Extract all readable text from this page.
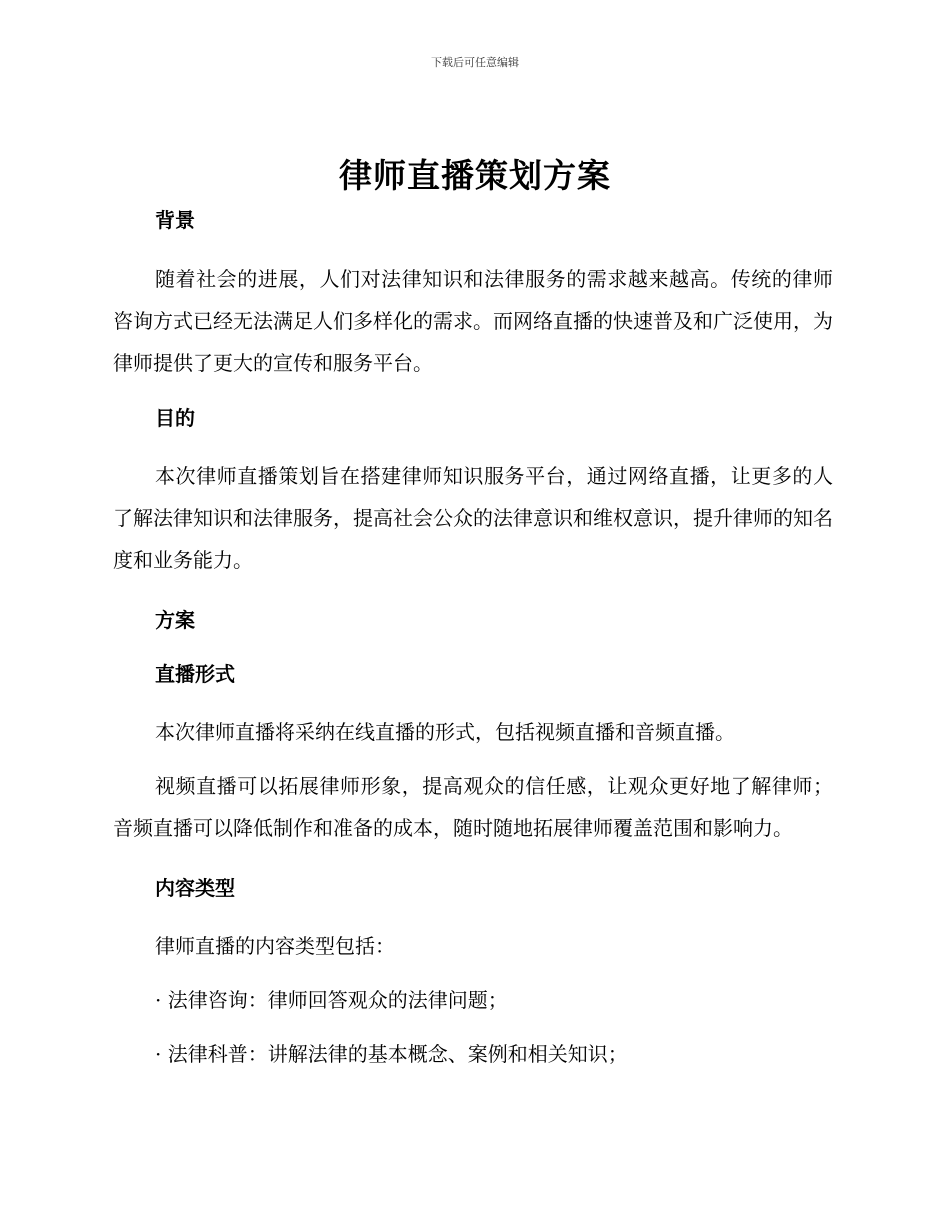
下载后可任意编辑
律师直播策划方案
背景

随着社会的进展，人们对法律知识和法律服务的需求越来越高。传统的律师咨询方式已经无法满足人们多样化的需求。而网络直播的快速普及和广泛使用，为律师提供了更大的宣传和服务平台。

目的

本次律师直播策划旨在搭建律师知识服务平台，通过网络直播，让更多的人了解法律知识和法律服务，提高社会公众的法律意识和维权意识，提升律师的知名度和业务能力。

方案
直播形式

本次律师直播将采纳在线直播的形式，包括视频直播和音频直播。

视频直播可以拓展律师形象，提高观众的信任感，让观众更好地了解律师；音频直播可以降低制作和准备的成本，随时随地拓展律师覆盖范围和影响力。

内容类型

律师直播的内容类型包括：

· 法律咨询：律师回答观众的法律问题；

· 法律科普：讲解法律的基本概念、案例和相关知识；
